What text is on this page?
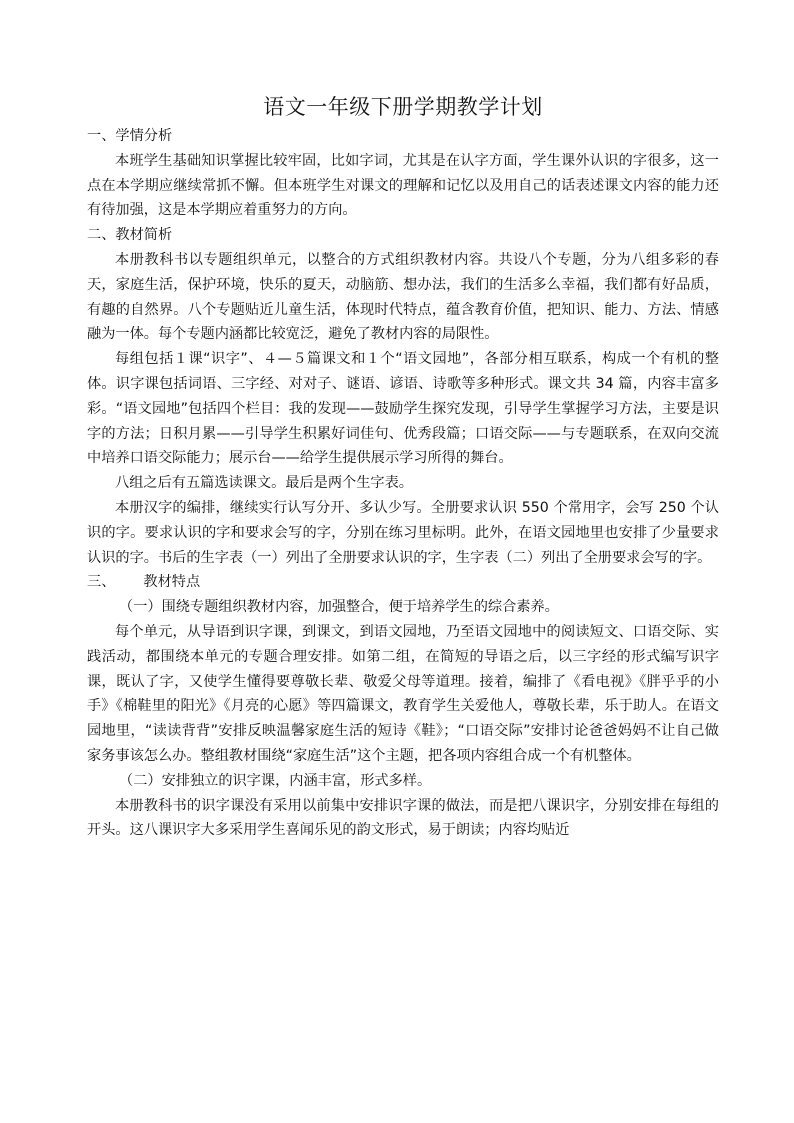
语文一年级下册学期教学计划
一、学情分析
本班学生基础知识掌握比较牢固，比如字词，尤其是在认字方面，学生课外认识的字很多，这一点在本学期应继续常抓不懈。但本班学生对课文的理解和记忆以及用自己的话表述课文内容的能力还有待加强，这是本学期应着重努力的方向。
二、教材简析
本册教科书以专题组织单元，以整合的方式组织教材内容。共设八个专题，分为八组多彩的春天，家庭生活，保护环境，快乐的夏天，动脑筋、想办法，我们的生活多么幸福，我们都有好品质，有趣的自然界。八个专题贴近儿童生活，体现时代特点，蕴含教育价值，把知识、能力、方法、情感融为一体。每个专题内涵都比较宽泛，避免了教材内容的局限性。
每组包括１课“识字”、４—５篇课文和１个“语文园地”，各部分相互联系，构成一个有机的整体。识字课包括词语、三字经、对对子、谜语、谚语、诗歌等多种形式。课文共 34 篇，内容丰富多彩。“语文园地”包括四个栏目：我的发现——鼓励学生探究发现，引导学生掌握学习方法，主要是识字的方法；日积月累——引导学生积累好词佳句、优秀段篇；口语交际——与专题联系，在双向交流中培养口语交际能力；展示台——给学生提供展示学习所得的舞台。
八组之后有五篇选读课文。最后是两个生字表。
本册汉字的编排，继续实行认写分开、多认少写。全册要求认识 550 个常用字，会写 250 个认识的字。要求认识的字和要求会写的字，分别在练习里标明。此外，在语文园地里也安排了少量要求认识的字。书后的生字表（一）列出了全册要求认识的字，生字表（二）列出了全册要求会写的字。
三、 教材特点
（一）围绕专题组织教材内容，加强整合，便于培养学生的综合素养。
每个单元，从导语到识字课，到课文，到语文园地，乃至语文园地中的阅读短文、口语交际、实践活动，都围绕本单元的专题合理安排。如第二组，在简短的导语之后，以三字经的形式编写识字课，既认了字，又使学生懂得要尊敬长辈、敬爱父母等道理。接着，编排了《看电视》《胖乎乎的小手》《棉鞋里的阳光》《月亮的心愿》等四篇课文，教育学生关爱他人，尊敬长辈，乐于助人。在语文园地里，“读读背背”安排反映温馨家庭生活的短诗《鞋》；“口语交际”安排讨论爸爸妈妈不让自己做家务事该怎么办。整组教材围绕“家庭生活”这个主题，把各项内容组合成一个有机整体。
（二）安排独立的识字课，内涵丰富，形式多样。
本册教科书的识字课没有采用以前集中安排识字课的做法，而是把八课识字，分别安排在每组的开头。这八课识字大多采用学生喜闻乐见的韵文形式，易于朗读；内容均贴近
